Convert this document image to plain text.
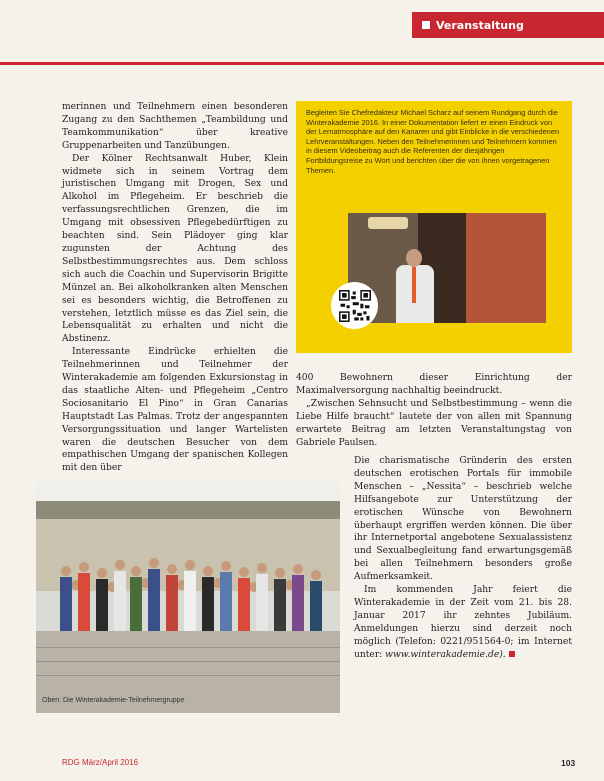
Veranstaltung

merinnen und Teilnehmern einen besonderen Zugang zu den Sachthemen „Teambildung und Teamkommunikation“ über kreative Gruppenarbeiten und Tanzübungen.

Der Kölner Rechtsanwalt Huber, Klein widmete sich in seinem Vortrag dem juristischen Umgang mit Drogen, Sex und Alkohol im Pflegeheim. Er beschrieb die verfassungsrechtlichen Grenzen, die im Umgang mit obsessiven Pflegebedürftigen zu beachten sind. Sein Plädoyer ging klar zugunsten der Achtung des Selbstbestimmungsrechtes aus. Dem schloss sich auch die Coachin und Supervisorin Brigitte Münzel an. Bei alkoholkranken alten Menschen sei es besonders wichtig, die Betroffenen zu verstehen, letztlich müsse es das Ziel sein, die Lebensqualität zu erhalten und nicht die Abstinenz.

Interessante Eindrücke erhielten die Teilnehmerinnen und Teilnehmer der Winterakademie am folgenden Exkursionstag in das staatliche Alten- und Pflegeheim „Centro Sociosanitario El Pino“ in Gran Canarias Hauptstadt Las Palmas. Trotz der angespannten Versorgungssituation und langer Wartelisten waren die deutschen Besucher von dem empathischen Umgang der spanischen Kollegen mit den über

Begleiten Sie Chefredakteur Michael Scharz auf seinem Rundgang durch die Winterakademie 2016. In einer Dokumentation liefert er einen Eindruck von der Lernatmosphäre auf den Kanaren und gibt Einblicke in die verschiedenen Lehrveranstaltungen. Neben den Teilnehmerinnen und Teilnehmern kommen in diesem Videobeitrag auch die Referenten der diesjährigen Fortbildungsreise zu Wort und berichten über die von ihnen vorgetragenen Themen.

400 Bewohnern dieser Einrichtung der Maximalversorgung nachhaltig beeindruckt.

„Zwischen Sehnsucht und Selbstbestimmung – wenn die Liebe Hilfe braucht“ lautete der von allen mit Spannung erwartete Beitrag am letzten Veranstaltungstag von Gabriele Paulsen.

Die charismatische Gründerin des ersten deutschen erotischen Portals für immobile Menschen – „Nessita“ – beschrieb welche Hilfsangebote zur Unterstützung der erotischen Wünsche von Bewohnern überhaupt ergriffen werden können. Die über ihr Internetportal angebotene Sexualassistenz und Sexualbegleitung fand erwartungsgemäß bei allen Teilnehmern besonders große Aufmerksamkeit.

Im kommenden Jahr feiert die Winterakademie in der Zeit vom 21. bis 28. Januar 2017 ihr zehntes Jubiläum. Anmeldungen hierzu sind derzeit noch möglich (Telefon: 0221/951564-0; im Internet unter: www.winterakademie.de).

Oben: Die Winterakademie-Teilnehmergruppe
RDG März/April 2016	103
